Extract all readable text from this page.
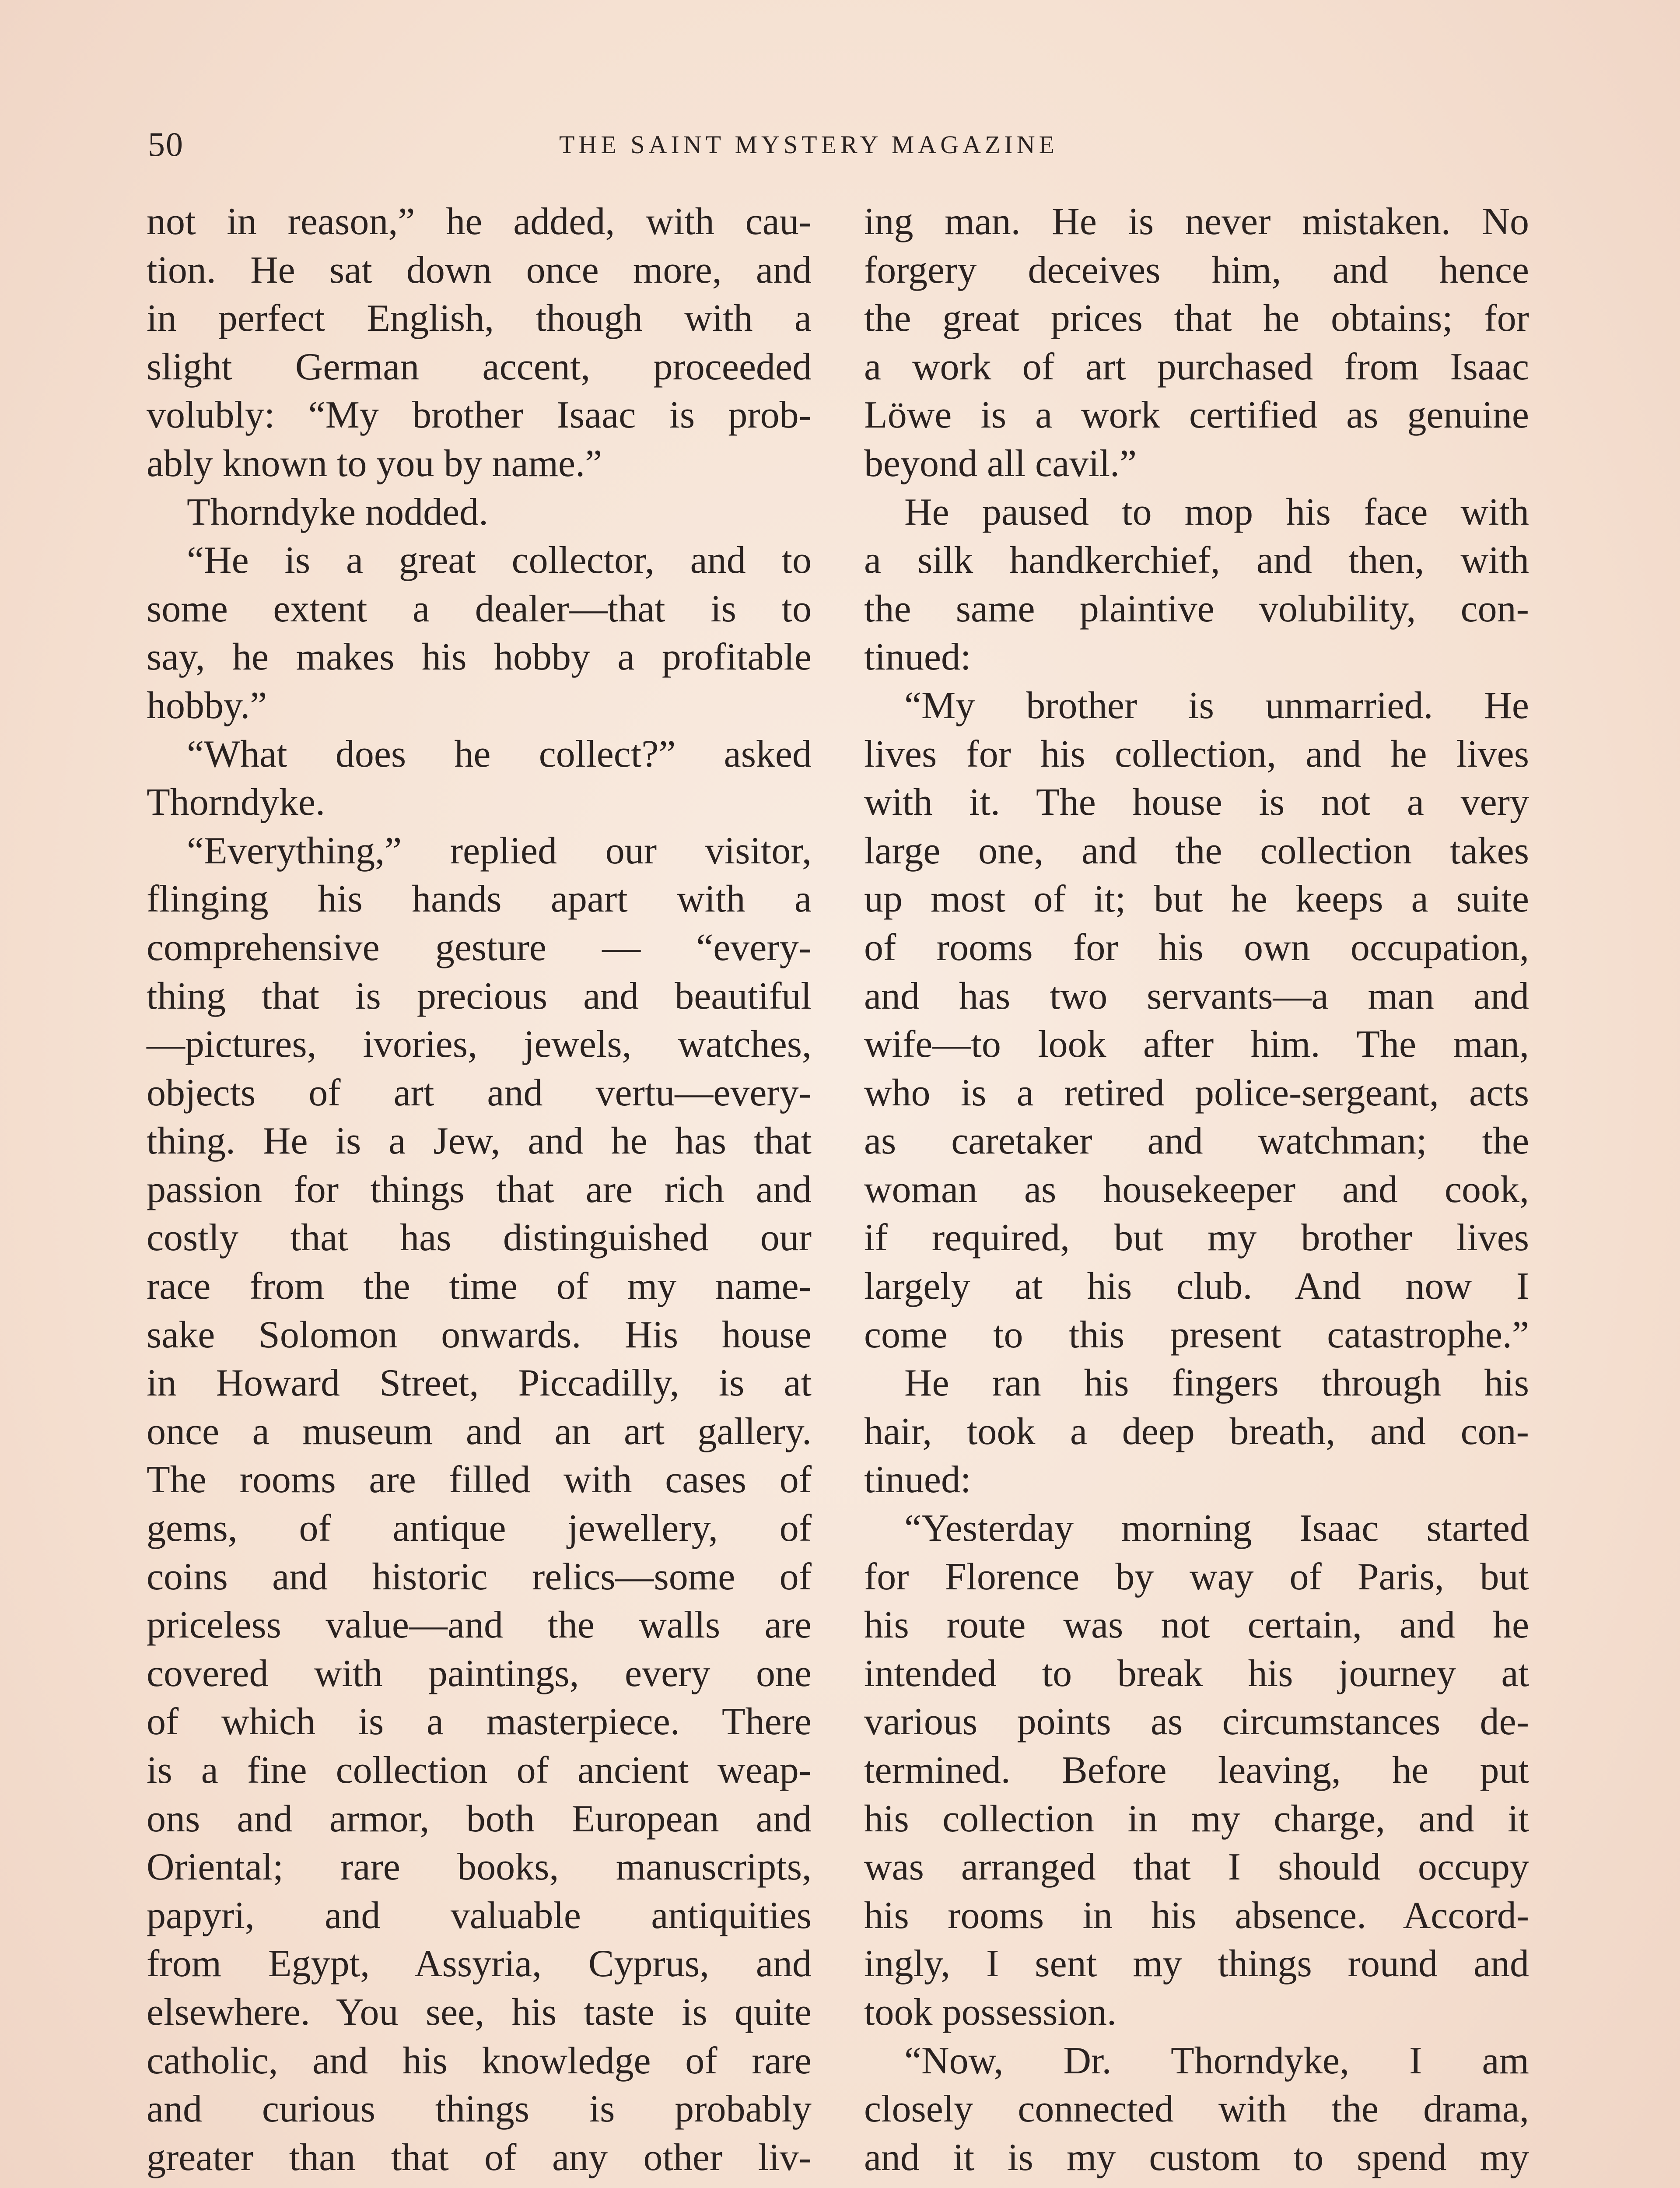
50	THE SAINT MYSTERY MAGAZINE
not in reason,” he added, with cau-
tion. He sat down once more, and
in perfect English, though with a
slight German accent, proceeded
volubly: “My brother Isaac is prob-
ably known to you by name.”
Thorndyke nodded.
“He is a great collector, and to
some extent a dealer—that is to
say, he makes his hobby a profitable
hobby.”
“What does he collect?” asked
Thorndyke.
“Everything,” replied our visitor,
flinging his hands apart with a
comprehensive gesture — “every-
thing that is precious and beautiful
—pictures, ivories, jewels, watches,
objects of art and vertu—every-
thing. He is a Jew, and he has that
passion for things that are rich and
costly that has distinguished our
race from the time of my name-
sake Solomon onwards. His house
in Howard Street, Piccadilly, is at
once a museum and an art gallery.
The rooms are filled with cases of
gems, of antique jewellery, of
coins and historic relics—some of
priceless value—and the walls are
covered with paintings, every one
of which is a masterpiece. There
is a fine collection of ancient weap-
ons and armor, both European and
Oriental; rare books, manuscripts,
papyri, and valuable antiquities
from Egypt, Assyria, Cyprus, and
elsewhere. You see, his taste is quite
catholic, and his knowledge of rare
and curious things is probably
greater than that of any other liv-
ing man. He is never mistaken. No
forgery deceives him, and hence
the great prices that he obtains; for
a work of art purchased from Isaac
Löwe is a work certified as genuine
beyond all cavil.”
He paused to mop his face with
a silk handkerchief, and then, with
the same plaintive volubility, con-
tinued:
“My brother is unmarried. He
lives for his collection, and he lives
with it. The house is not a very
large one, and the collection takes
up most of it; but he keeps a suite
of rooms for his own occupation,
and has two servants—a man and
wife—to look after him. The man,
who is a retired police-sergeant, acts
as caretaker and watchman; the
woman as housekeeper and cook,
if required, but my brother lives
largely at his club. And now I
come to this present catastrophe.”
He ran his fingers through his
hair, took a deep breath, and con-
tinued:
“Yesterday morning Isaac started
for Florence by way of Paris, but
his route was not certain, and he
intended to break his journey at
various points as circumstances de-
termined. Before leaving, he put
his collection in my charge, and it
was arranged that I should occupy
his rooms in his absence. Accord-
ingly, I sent my things round and
took possession.
“Now, Dr. Thorndyke, I am
closely connected with the drama,
and it is my custom to spend my
